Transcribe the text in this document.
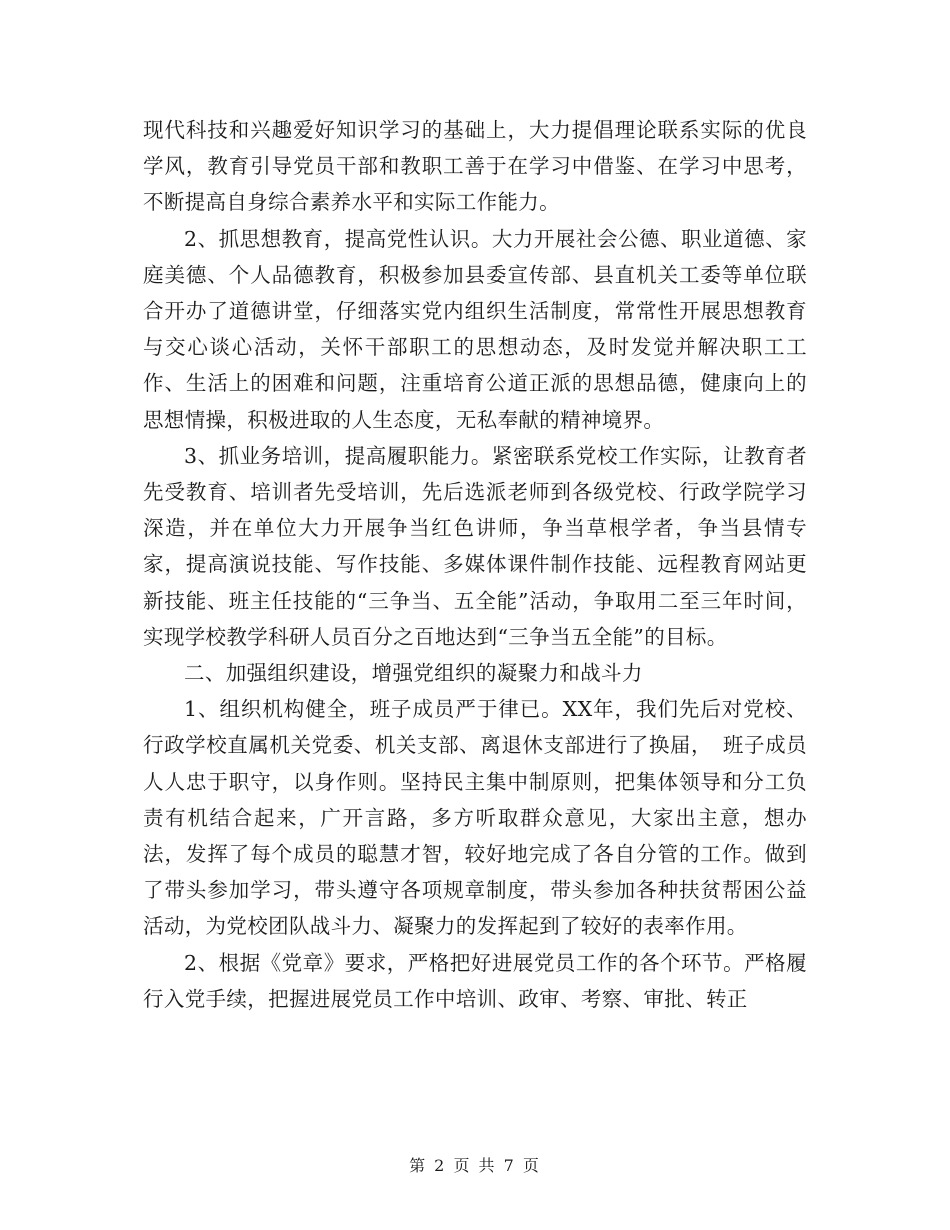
现代科技和兴趣爱好知识学习的基础上，大力提倡理论联系实际的优良学风，教育引导党员干部和教职工善于在学习中借鉴、在学习中思考，不断提高自身综合素养水平和实际工作能力。

2、抓思想教育，提高党性认识。大力开展社会公德、职业道德、家庭美德、个人品德教育，积极参加县委宣传部、县直机关工委等单位联合开办了道德讲堂，仔细落实党内组织生活制度，常常性开展思想教育与交心谈心活动，关怀干部职工的思想动态，及时发觉并解决职工工作、生活上的困难和问题，注重培育公道正派的思想品德，健康向上的思想情操，积极进取的人生态度，无私奉献的精神境界。

3、抓业务培训，提高履职能力。紧密联系党校工作实际，让教育者先受教育、培训者先受培训，先后选派老师到各级党校、行政学院学习深造，并在单位大力开展争当红色讲师，争当草根学者，争当县情专家，提高演说技能、写作技能、多媒体课件制作技能、远程教育网站更新技能、班主任技能的“三争当、五全能”活动，争取用二至三年时间，实现学校教学科研人员百分之百地达到“三争当五全能”的目标。

二、加强组织建设，增强党组织的凝聚力和战斗力

1、组织机构健全，班子成员严于律已。XX年，我们先后对党校、行政学校直属机关党委、机关支部、离退休支部进行了换届，　班子成员人人忠于职守，以身作则。坚持民主集中制原则，把集体领导和分工负责有机结合起来，广开言路，多方听取群众意见，大家出主意，想办法，发挥了每个成员的聪慧才智，较好地完成了各自分管的工作。做到了带头参加学习，带头遵守各项规章制度，带头参加各种扶贫帮困公益活动，为党校团队战斗力、凝聚力的发挥起到了较好的表率作用。

2、根据《党章》要求，严格把好进展党员工作的各个环节。严格履行入党手续，把握进展党员工作中培训、政审、考察、审批、转正

第 2 页 共 7 页
